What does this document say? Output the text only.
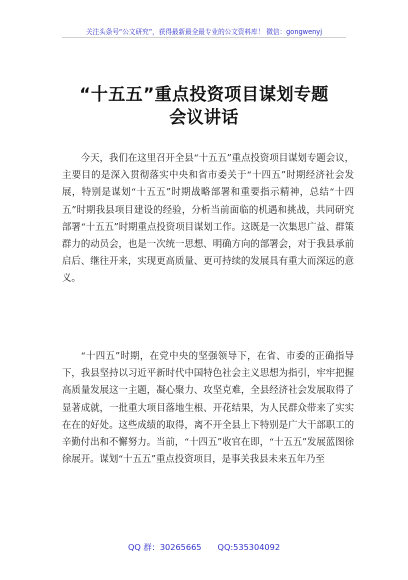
关注头条号“公文研究”，获得最新最全最专业的公文资料库！ 微信：gongwenyj
“十五五”重点投资项目谋划专题
会议讲话

今天，我们在这里召开全县“十五五”重点投资项目谋划专题会议，主要目的是深入贯彻落实中央和省市委关于“十四五”时期经济社会发展，特别是谋划“十五五”时期战略部署和重要指示精神，总结“十四五”时期我县项目建设的经验，分析当前面临的机遇和挑战，共同研究部署“十五五”时期重点投资项目谋划工作。这既是一次集思广益、群策群力的动员会，也是一次统一思想、明确方向的部署会，对于我县承前启后、继往开来，实现更高质量、更可持续的发展具有重大而深远的意义。

“十四五”时期，在党中央的坚强领导下，在省、市委的正确指导下，我县坚持以习近平新时代中国特色社会主义思想为指引，牢牢把握高质量发展这一主题，凝心聚力、攻坚克难，全县经济社会发展取得了显著成就，一批重大项目落地生根、开花结果，为人民群众带来了实实在在的好处。这些成绩的取得，离不开全县上下特别是广大干部职工的辛勤付出和不懈努力。当前，“十四五”收官在即，“十五五”发展蓝图徐徐展开。谋划“十五五”重点投资项目，是事关我县未来五年乃至

QQ 群：30265665 QQ:535304092
